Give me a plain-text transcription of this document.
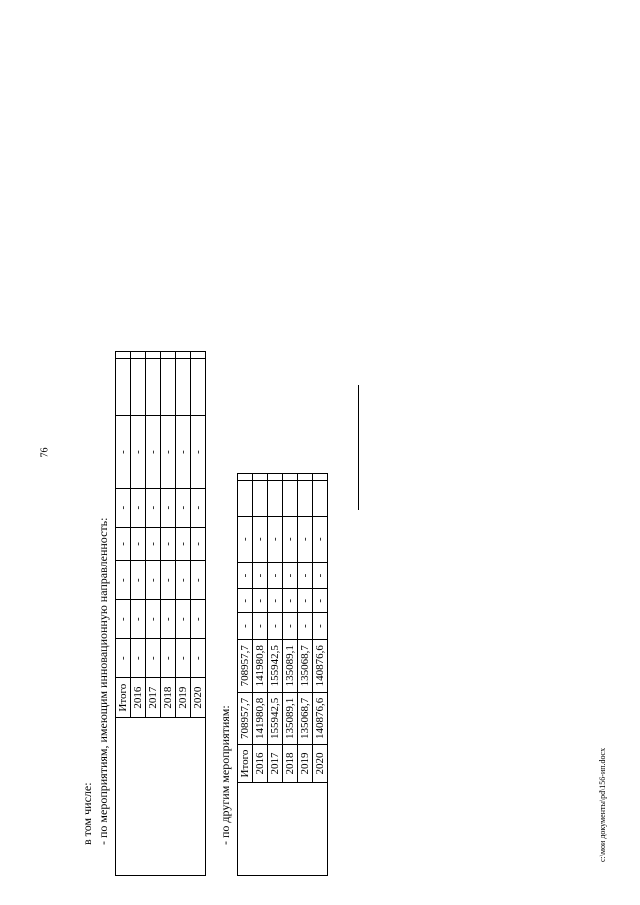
76
в том числе: - по мероприятиям, имеющим инновационную направленность:	- по другим мероприятиям:
	Итого	-	-	-	-	-	-		
	2016	-	-	-	-	-	-		
	2017	-	-	-	-	-	-		
	2018	-	-	-	-	-	-		
	2019	-	-	-	-	-	-		
	2020	-	-	-	-	-	-		
	Итого	708957,7	708957,7	-	-	-	-		
	2016	141980,8	141980,8	-	-	-	-		
	2017	155942,5	155942,5	-	-	-	-		
	2018	135089,1	135089,1	-	-	-	-		
	2019	135068,7	135068,7	-	-	-	-		
	2020	140876,6	140876,6	-	-	-	-		
c:\мои документы\pd\156-ип.docx
